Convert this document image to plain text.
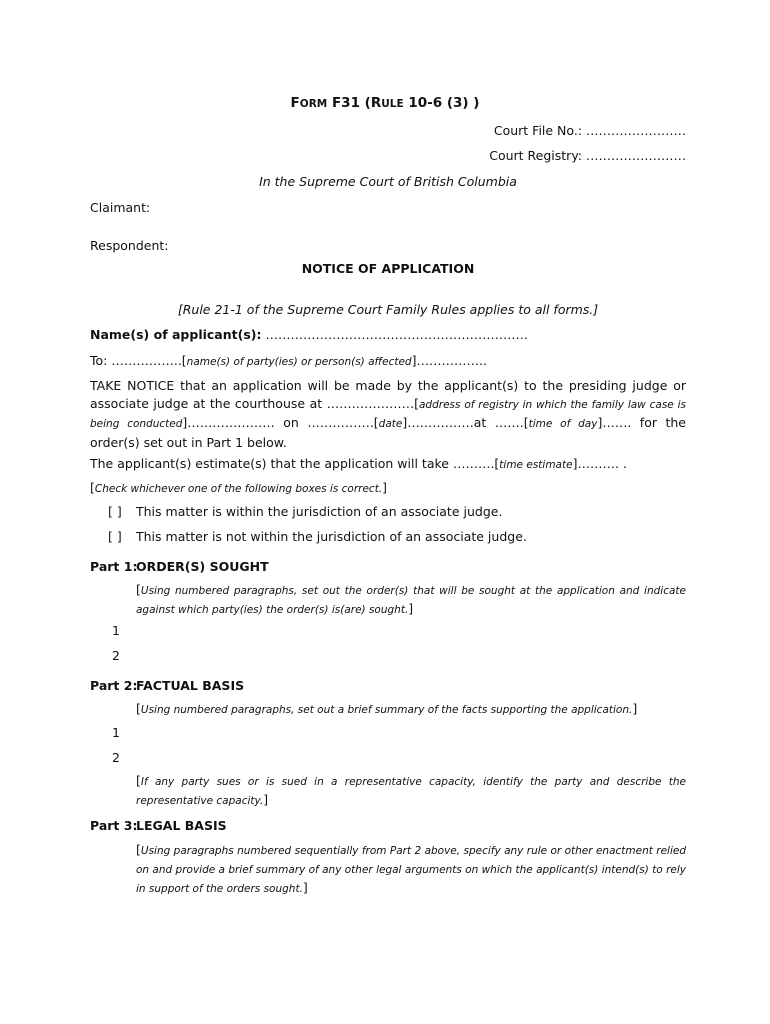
FORM F31 (RULE 10-6 (3) )
Court File No.: ……………………
Court Registry: ……………………
In the Supreme Court of British Columbia
Claimant:
Respondent:
NOTICE OF APPLICATION
[Rule 21-1 of the Supreme Court Family Rules applies to all forms.]
Name(s) of applicant(s): ………………………………………………………
To: ……………..[name(s) of party(ies) or person(s) affected]……………..
TAKE NOTICE that an application will be made by the applicant(s) to the presiding judge or associate judge at the courthouse at …………………[address of registry in which the family law case is being conducted]………………… on …………….[date]…………….at …….[time of day]……. for the order(s) set out in Part 1 below.
The applicant(s) estimate(s) that the application will take ……….[time estimate]………. .
[Check whichever one of the following boxes is correct.]
[ ] This matter is within the jurisdiction of an associate judge.
[ ] This matter is not within the jurisdiction of an associate judge.
Part 1:
ORDER(S) SOUGHT
[Using numbered paragraphs, set out the order(s) that will be sought at the application and indicate against which party(ies) the order(s) is(are) sought.]
1
2
Part 2:
FACTUAL BASIS
[Using numbered paragraphs, set out a brief summary of the facts supporting the application.]
1
2
[If any party sues or is sued in a representative capacity, identify the party and describe the representative capacity.]
Part 3:
LEGAL BASIS
[Using paragraphs numbered sequentially from Part 2 above, specify any rule or other enactment relied on and provide a brief summary of any other legal arguments on which the applicant(s) intend(s) to rely in support of the orders sought.]
